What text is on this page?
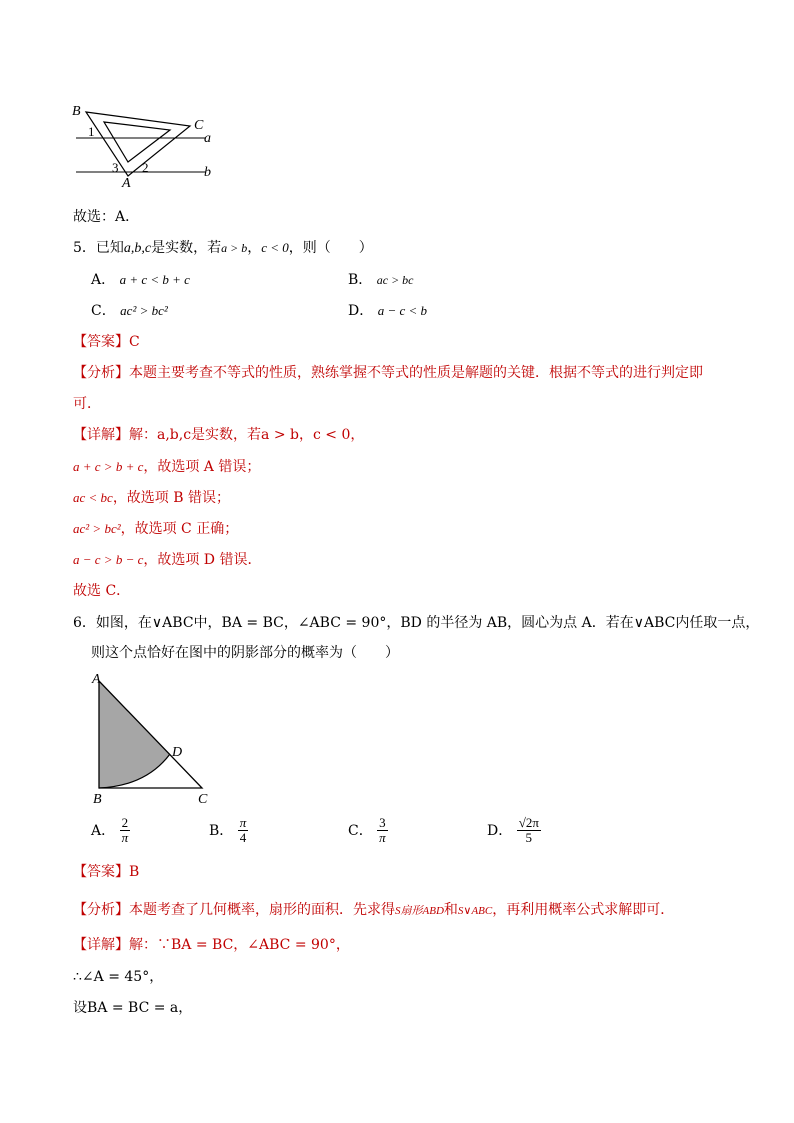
B
C
a
b
A
1
3 2
故选：A．
5．已知a,b,c是实数，若a > b，c < 0，则（　　）
A． a + c < b + c	B． ac > bc
C． ac² > bc²	D． a − c < b
【答案】C
【分析】本题主要考查不等式的性质，熟练掌握不等式的性质是解题的关键．根据不等式的进行判定即
可．
【详解】解：a,b,c是实数，若a > b，c < 0，
a + c > b + c，故选项 A 错误；
ac < bc，故选项 B 错误；
ac² > bc²，故选项 C 正确；
a − c > b − c，故选项 D 错误．
故选 C．
6．如图，在∨ABC中，BA = BC，∠ABC = 90°，BD 的半径为 AB，圆心为点 A．若在∨ABC内任取一点，
则这个点恰好在图中的阴影部分的概率为（　　）
A
D
B	C
A． $\frac{2}{\pi}$	B． $\frac{\pi}{4}$	C． $\frac{3}{\pi}$	D． $\frac{√2\pi}{5}$
【答案】B
【分析】本题考查了几何概率，扇形的面积．先求得S扇形ABD和S∨ABC，再利用概率公式求解即可．
【详解】解：∵BA = BC，∠ABC = 90°，
∴∠A = 45°，
设BA = BC = a，
